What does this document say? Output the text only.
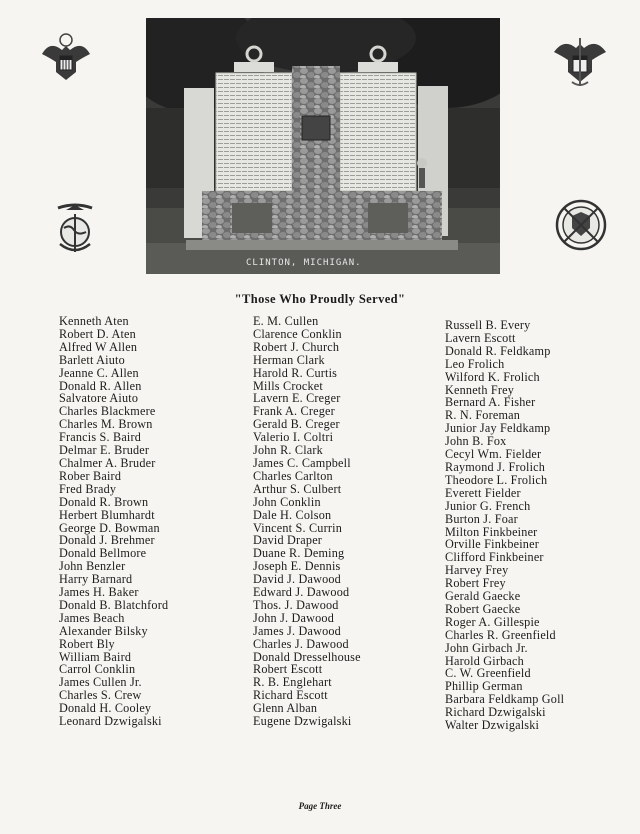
CLINTON, MICHIGAN.
"Those Who Proudly Served"
Kenneth Aten
Robert D. Aten
Alfred W Allen
Barlett Aiuto
Jeanne C. Allen
Donald R. Allen
Salvatore Aiuto
Charles Blackmere
Charles M. Brown
Francis S. Baird
Delmar E. Bruder
Chalmer A. Bruder
Rober Baird
Fred Brady
Donald R. Brown
Herbert Blumhardt
George D. Bowman
Donald J. Brehmer
Donald Bellmore
John Benzler
Harry Barnard
James H. Baker
Donald B. Blatchford
James Beach
Alexander Bilsky
Robert Bly
William Baird
Carrol Conklin
James Cullen Jr.
Charles S. Crew
Donald H. Cooley
Leonard Dzwigalski
E. M. Cullen
Clarence Conklin
Robert J. Church
Herman Clark
Harold R. Curtis
Mills Crocket
Lavern E. Creger
Frank A. Creger
Gerald B. Creger
Valerio I. Coltri
John R. Clark
James C. Campbell
Charles Carlton
Arthur S. Culbert
John Conklin
Dale H. Colson
Vincent S. Currin
David Draper
Duane R. Deming
Joseph E. Dennis
David J. Dawood
Edward J. Dawood
Thos. J. Dawood
John J. Dawood
James J. Dawood
Charles J. Dawood
Donald Dresselhouse
Robert Escott
R. B. Englehart
Richard Escott
Glenn Alban
Eugene Dzwigalski
Russell B. Every
Lavern Escott
Donald R. Feldkamp
Leo Frolich
Wilford K. Frolich
Kenneth Frey
Bernard A. Fisher
R. N. Foreman
Junior Jay Feldkamp
John B. Fox
Cecyl Wm. Fielder
Raymond J. Frolich
Theodore L. Frolich
Everett Fielder
Junior G. French
Burton J. Foar
Milton Finkbeiner
Orville Finkbeiner
Clifford Finkbeiner
Harvey Frey
Robert Frey
Gerald Gaecke
Robert Gaecke
Roger A. Gillespie
Charles R. Greenfield
John Girbach Jr.
Harold Girbach
C. W. Greenfield
Phillip German
Barbara Feldkamp Goll
Richard Dzwigalski
Walter Dzwigalski
Page Three
